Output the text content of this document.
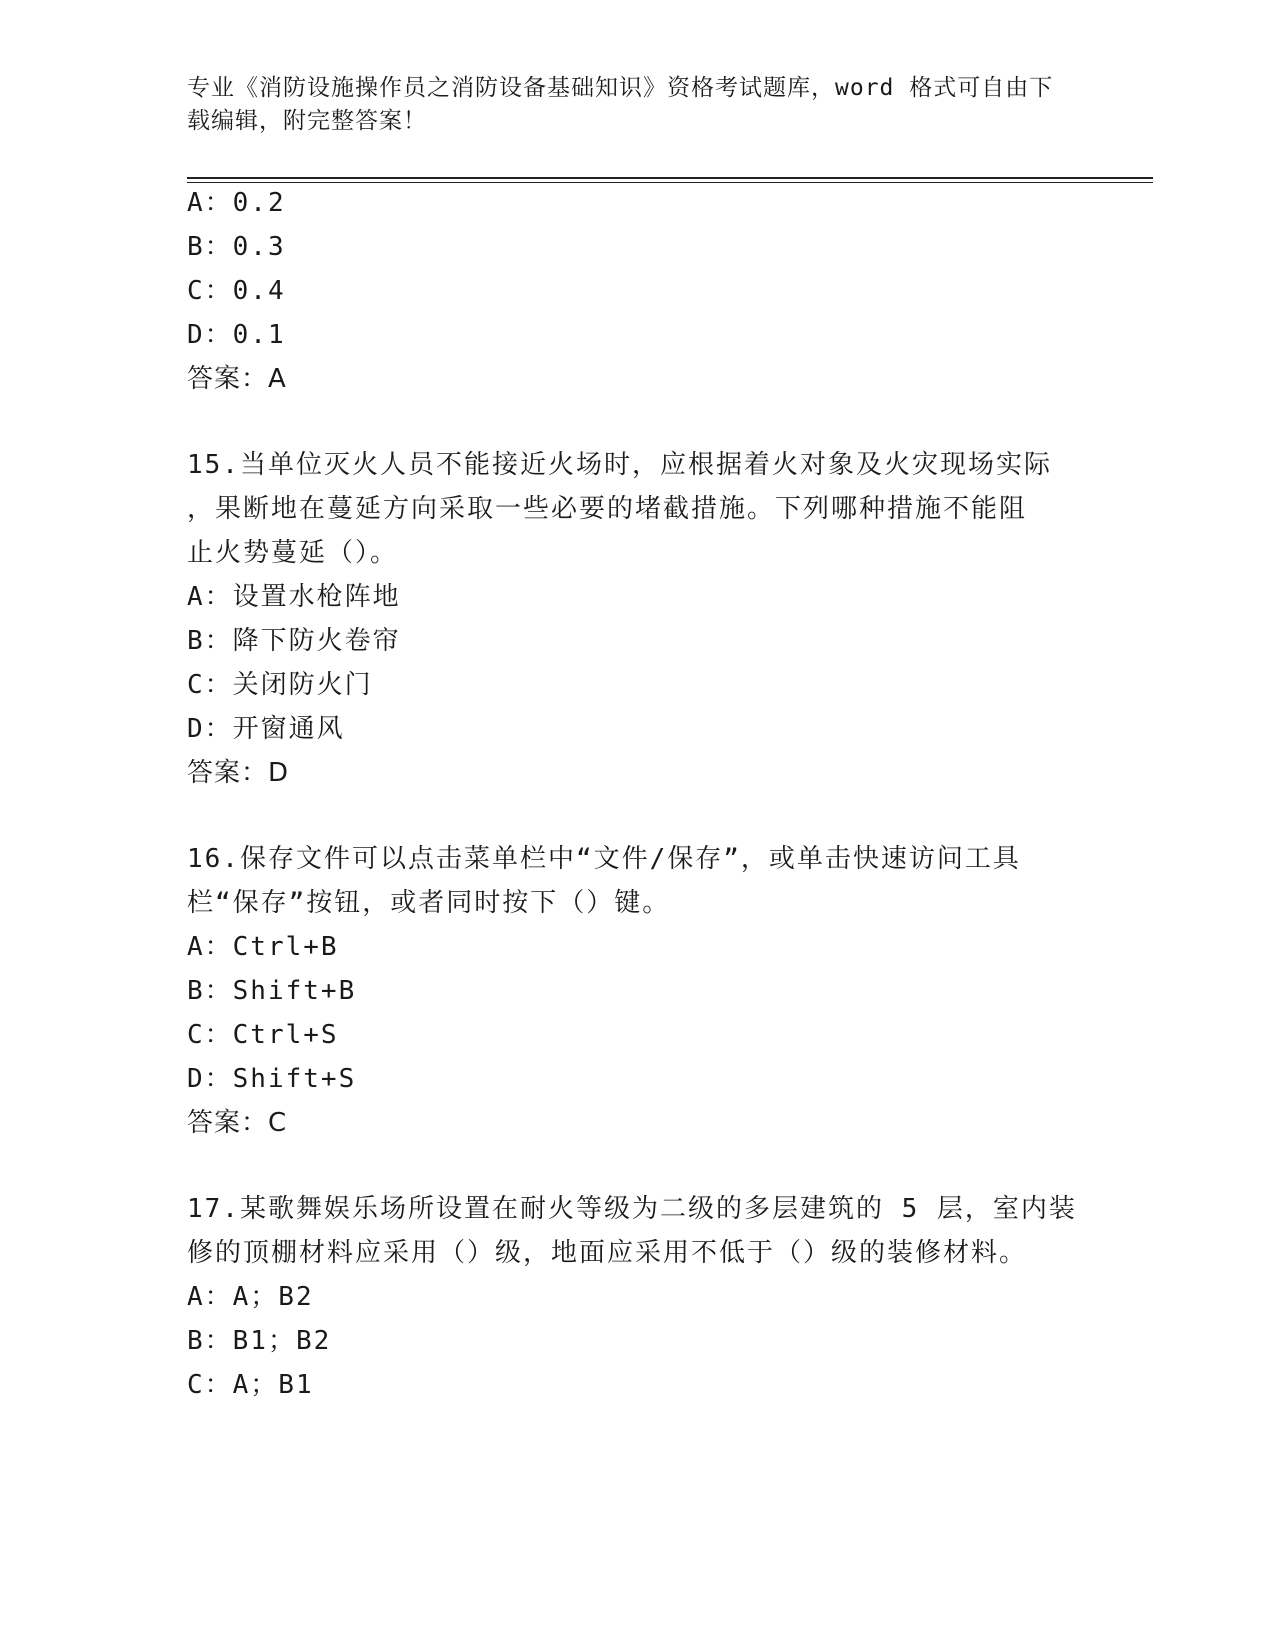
专业《消防设施操作员之消防设备基础知识》资格考试题库，word 格式可自由下
载编辑，附完整答案！
A：0.2
B：0.3
C：0.4
D：0.1
答案：A
15.当单位灭火人员不能接近火场时，应根据着火对象及火灾现场实际
，果断地在蔓延方向采取一些必要的堵截措施。下列哪种措施不能阻
止火势蔓延（）。
A：设置水枪阵地
B：降下防火卷帘
C：关闭防火门
D：开窗通风
答案：D
16.保存文件可以点击菜单栏中“文件/保存”，或单击快速访问工具
栏“保存”按钮，或者同时按下（）键。
A：Ctrl+B
B：Shift+B
C：Ctrl+S
D：Shift+S
答案：C
17.某歌舞娱乐场所设置在耐火等级为二级的多层建筑的 5 层，室内装
修的顶棚材料应采用（）级，地面应采用不低于（）级的装修材料。
A：A；B2
B：B1；B2
C：A；B1
